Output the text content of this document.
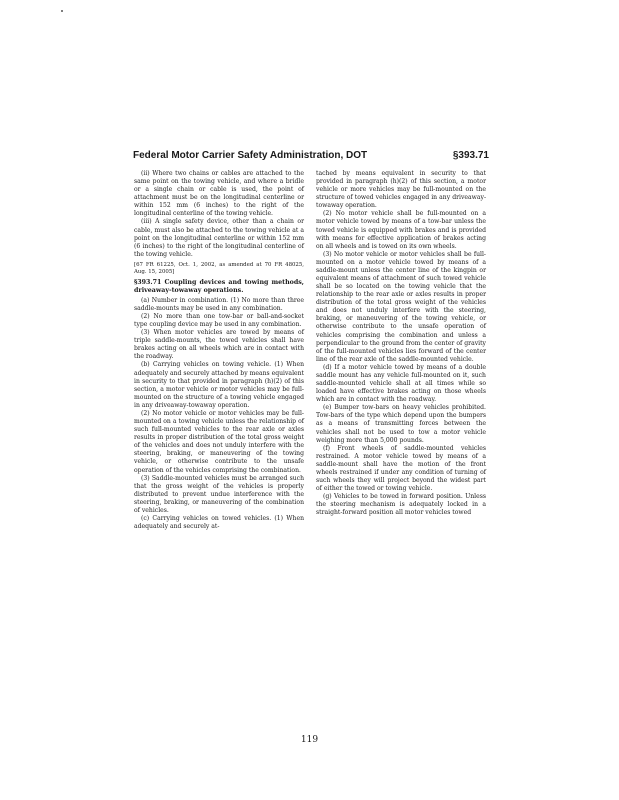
Federal Motor Carrier Safety Administration, DOT	§393.71

(ii) Where two chains or cables are attached to the same point on the towing vehicle, and where a bridle or a single chain or cable is used, the point of attachment must be on the longitudinal centerline or within 152 mm (6 inches) to the right of the longitudinal centerline of the towing vehicle.

(iii) A single safety device, other than a chain or cable, must also be attached to the towing vehicle at a point on the longitudinal centerline or within 152 mm (6 inches) to the right of the longitudinal centerline of the towing vehicle.

[67 FR 61225, Oct. 1, 2002, as amended at 70 FR 48025, Aug. 15, 2005]

§393.71 Coupling devices and towing methods, driveaway-towaway operations.

(a) Number in combination. (1) No more than three saddle-mounts may be used in any combination.

(2) No more than one tow-bar or ball-and-socket type coupling device may be used in any combination.

(3) When motor vehicles are towed by means of triple saddle-mounts, the towed vehicles shall have brakes acting on all wheels which are in contact with the roadway.

(b) Carrying vehicles on towing vehicle. (1) When adequately and securely attached by means equivalent in security to that provided in paragraph (h)(2) of this section, a motor vehicle or motor vehicles may be full-mounted on the structure of a towing vehicle engaged in any driveaway-towaway operation.

(2) No motor vehicle or motor vehicles may be full-mounted on a towing vehicle unless the relationship of such full-mounted vehicles to the rear axle or axles results in proper distribution of the total gross weight of the vehicles and does not unduly interfere with the steering, braking, or maneuvering of the towing vehicle, or otherwise contribute to the unsafe operation of the vehicles comprising the combination.

(3) Saddle-mounted vehicles must be arranged such that the gross weight of the vehicles is properly distributed to prevent undue interference with the steering, braking, or maneuvering of the combination of vehicles.

(c) Carrying vehicles on towed vehicles. (1) When adequately and securely at-

tached by means equivalent in security to that provided in paragraph (h)(2) of this section, a motor vehicle or more vehicles may be full-mounted on the structure of towed vehicles engaged in any driveaway-towaway operation.

(2) No motor vehicle shall be full-mounted on a motor vehicle towed by means of a tow-bar unless the towed vehicle is equipped with brakes and is provided with means for effective application of brakes acting on all wheels and is towed on its own wheels.

(3) No motor vehicle or motor vehicles shall be full-mounted on a motor vehicle towed by means of a saddle-mount unless the center line of the kingpin or equivalent means of attachment of such towed vehicle shall be so located on the towing vehicle that the relationship to the rear axle or axles results in proper distribution of the total gross weight of the vehicles and does not unduly interfere with the steering, braking, or maneuvering of the towing vehicle, or otherwise contribute to the unsafe operation of vehicles comprising the combination and unless a perpendicular to the ground from the center of gravity of the full-mounted vehicles lies forward of the center line of the rear axle of the saddle-mounted vehicle.

(d) If a motor vehicle towed by means of a double saddle mount has any vehicle full-mounted on it, such saddle-mounted vehicle shall at all times while so loaded have effective brakes acting on those wheels which are in contact with the roadway.

(e) Bumper tow-bars on heavy vehicles prohibited. Tow-bars of the type which depend upon the bumpers as a means of transmitting forces between the vehicles shall not be used to tow a motor vehicle weighing more than 5,000 pounds.

(f) Front wheels of saddle-mounted vehicles restrained. A motor vehicle towed by means of a saddle-mount shall have the motion of the front wheels restrained if under any condition of turning of such wheels they will project beyond the widest part of either the towed or towing vehicle.

(g) Vehicles to be towed in forward position. Unless the steering mechanism is adequately locked in a straight-forward position all motor vehicles towed

119
